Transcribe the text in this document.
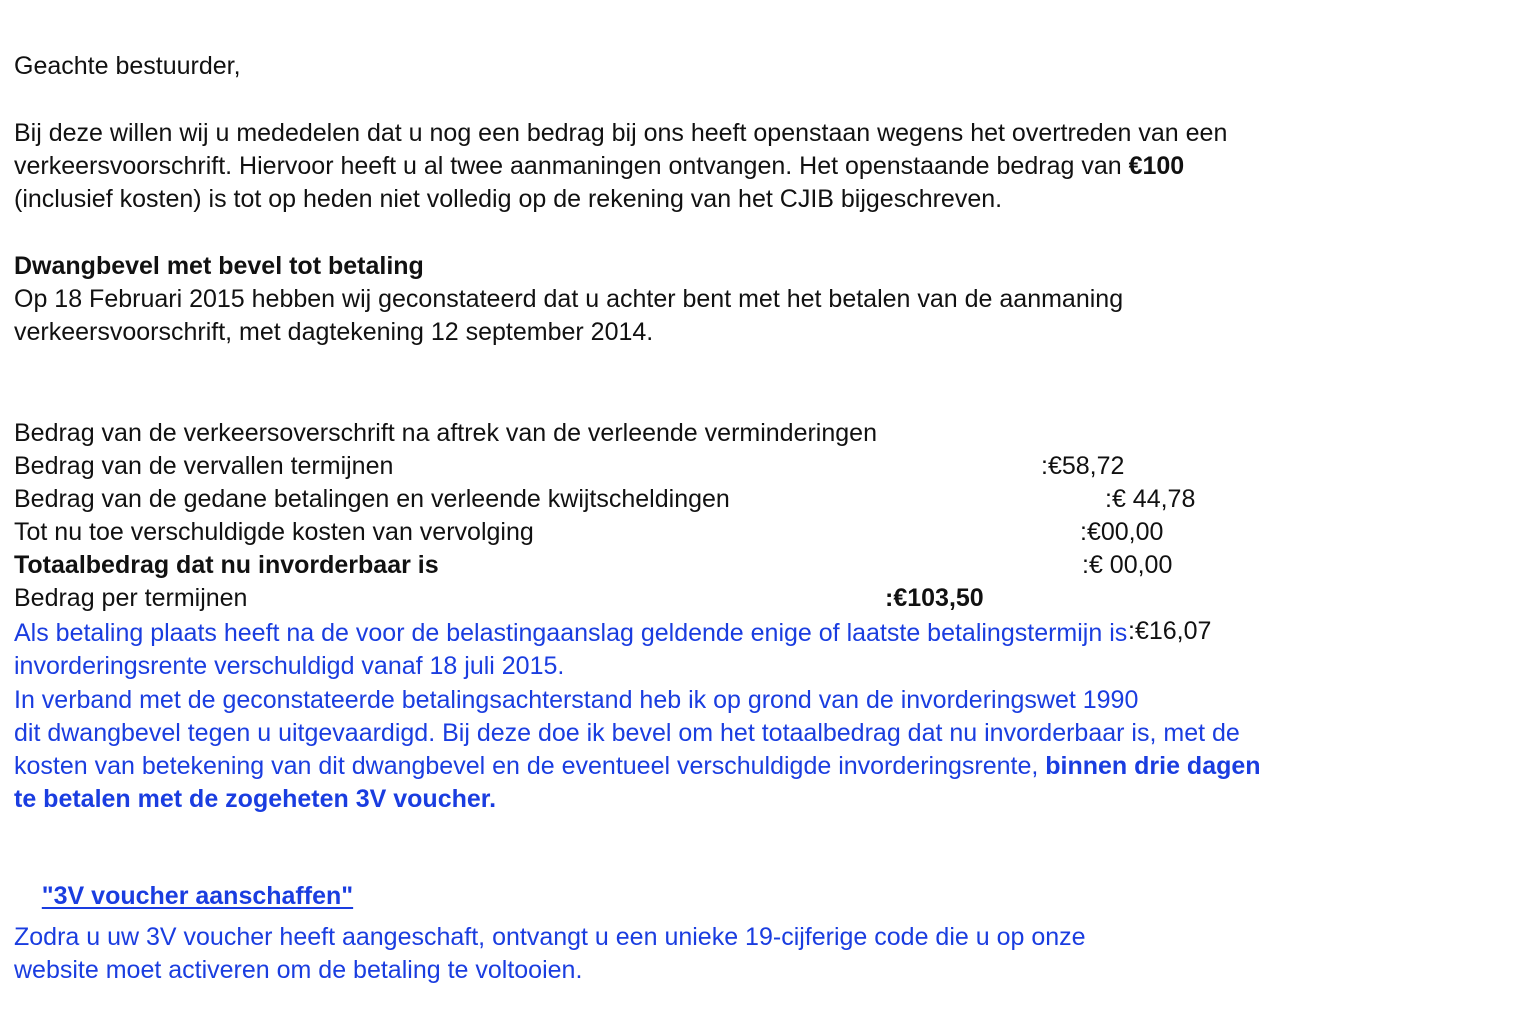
Geachte bestuurder,
Bij deze willen wij u mededelen dat u nog een bedrag bij ons heeft openstaan wegens het overtreden van een
verkeersvoorschrift. Hiervoor heeft u al twee aanmaningen ontvangen. Het openstaande bedrag van €100
(inclusief kosten) is tot op heden niet volledig op de rekening van het CJIB bijgeschreven.
Dwangbevel met bevel tot betaling
Op 18 Februari 2015 hebben wij geconstateerd dat u achter bent met het betalen van de aanmaning
verkeersvoorschrift, met dagtekening 12 september 2014.

Bedrag van de verkeersoverschrift na aftrek van de verleende verminderingen

:€58,72

Bedrag van de vervallen termijnen

:€ 44,78

Bedrag van de gedane betalingen en verleende kwijtscheldingen

:€00,00

Tot nu toe verschuldigde kosten van vervolging

:€ 00,00

Totaalbedrag dat nu invorderbaar is

:€103,50

Bedrag per termijnen

:€16,07

Als betaling plaats heeft na de voor de belastingaanslag geldende enige of laatste betalingstermijn is
invorderingsrente verschuldigd vanaf 18 juli 2015.
In verband met de geconstateerde betalingsachterstand heb ik op grond van de invorderingswet 1990
dit dwangbevel tegen u uitgevaardigd. Bij deze doe ik bevel om het totaalbedrag dat nu invorderbaar is, met de
kosten van betekening van dit dwangbevel en de eventueel verschuldigde invorderingsrente, binnen drie dagen
te betalen met de zogeheten 3V voucher.

"3V voucher aanschaffen"

Zodra u uw 3V voucher heeft aangeschaft, ontvangt u een unieke 19-cijferige code die u op onze
website moet activeren om de betaling te voltooien.
